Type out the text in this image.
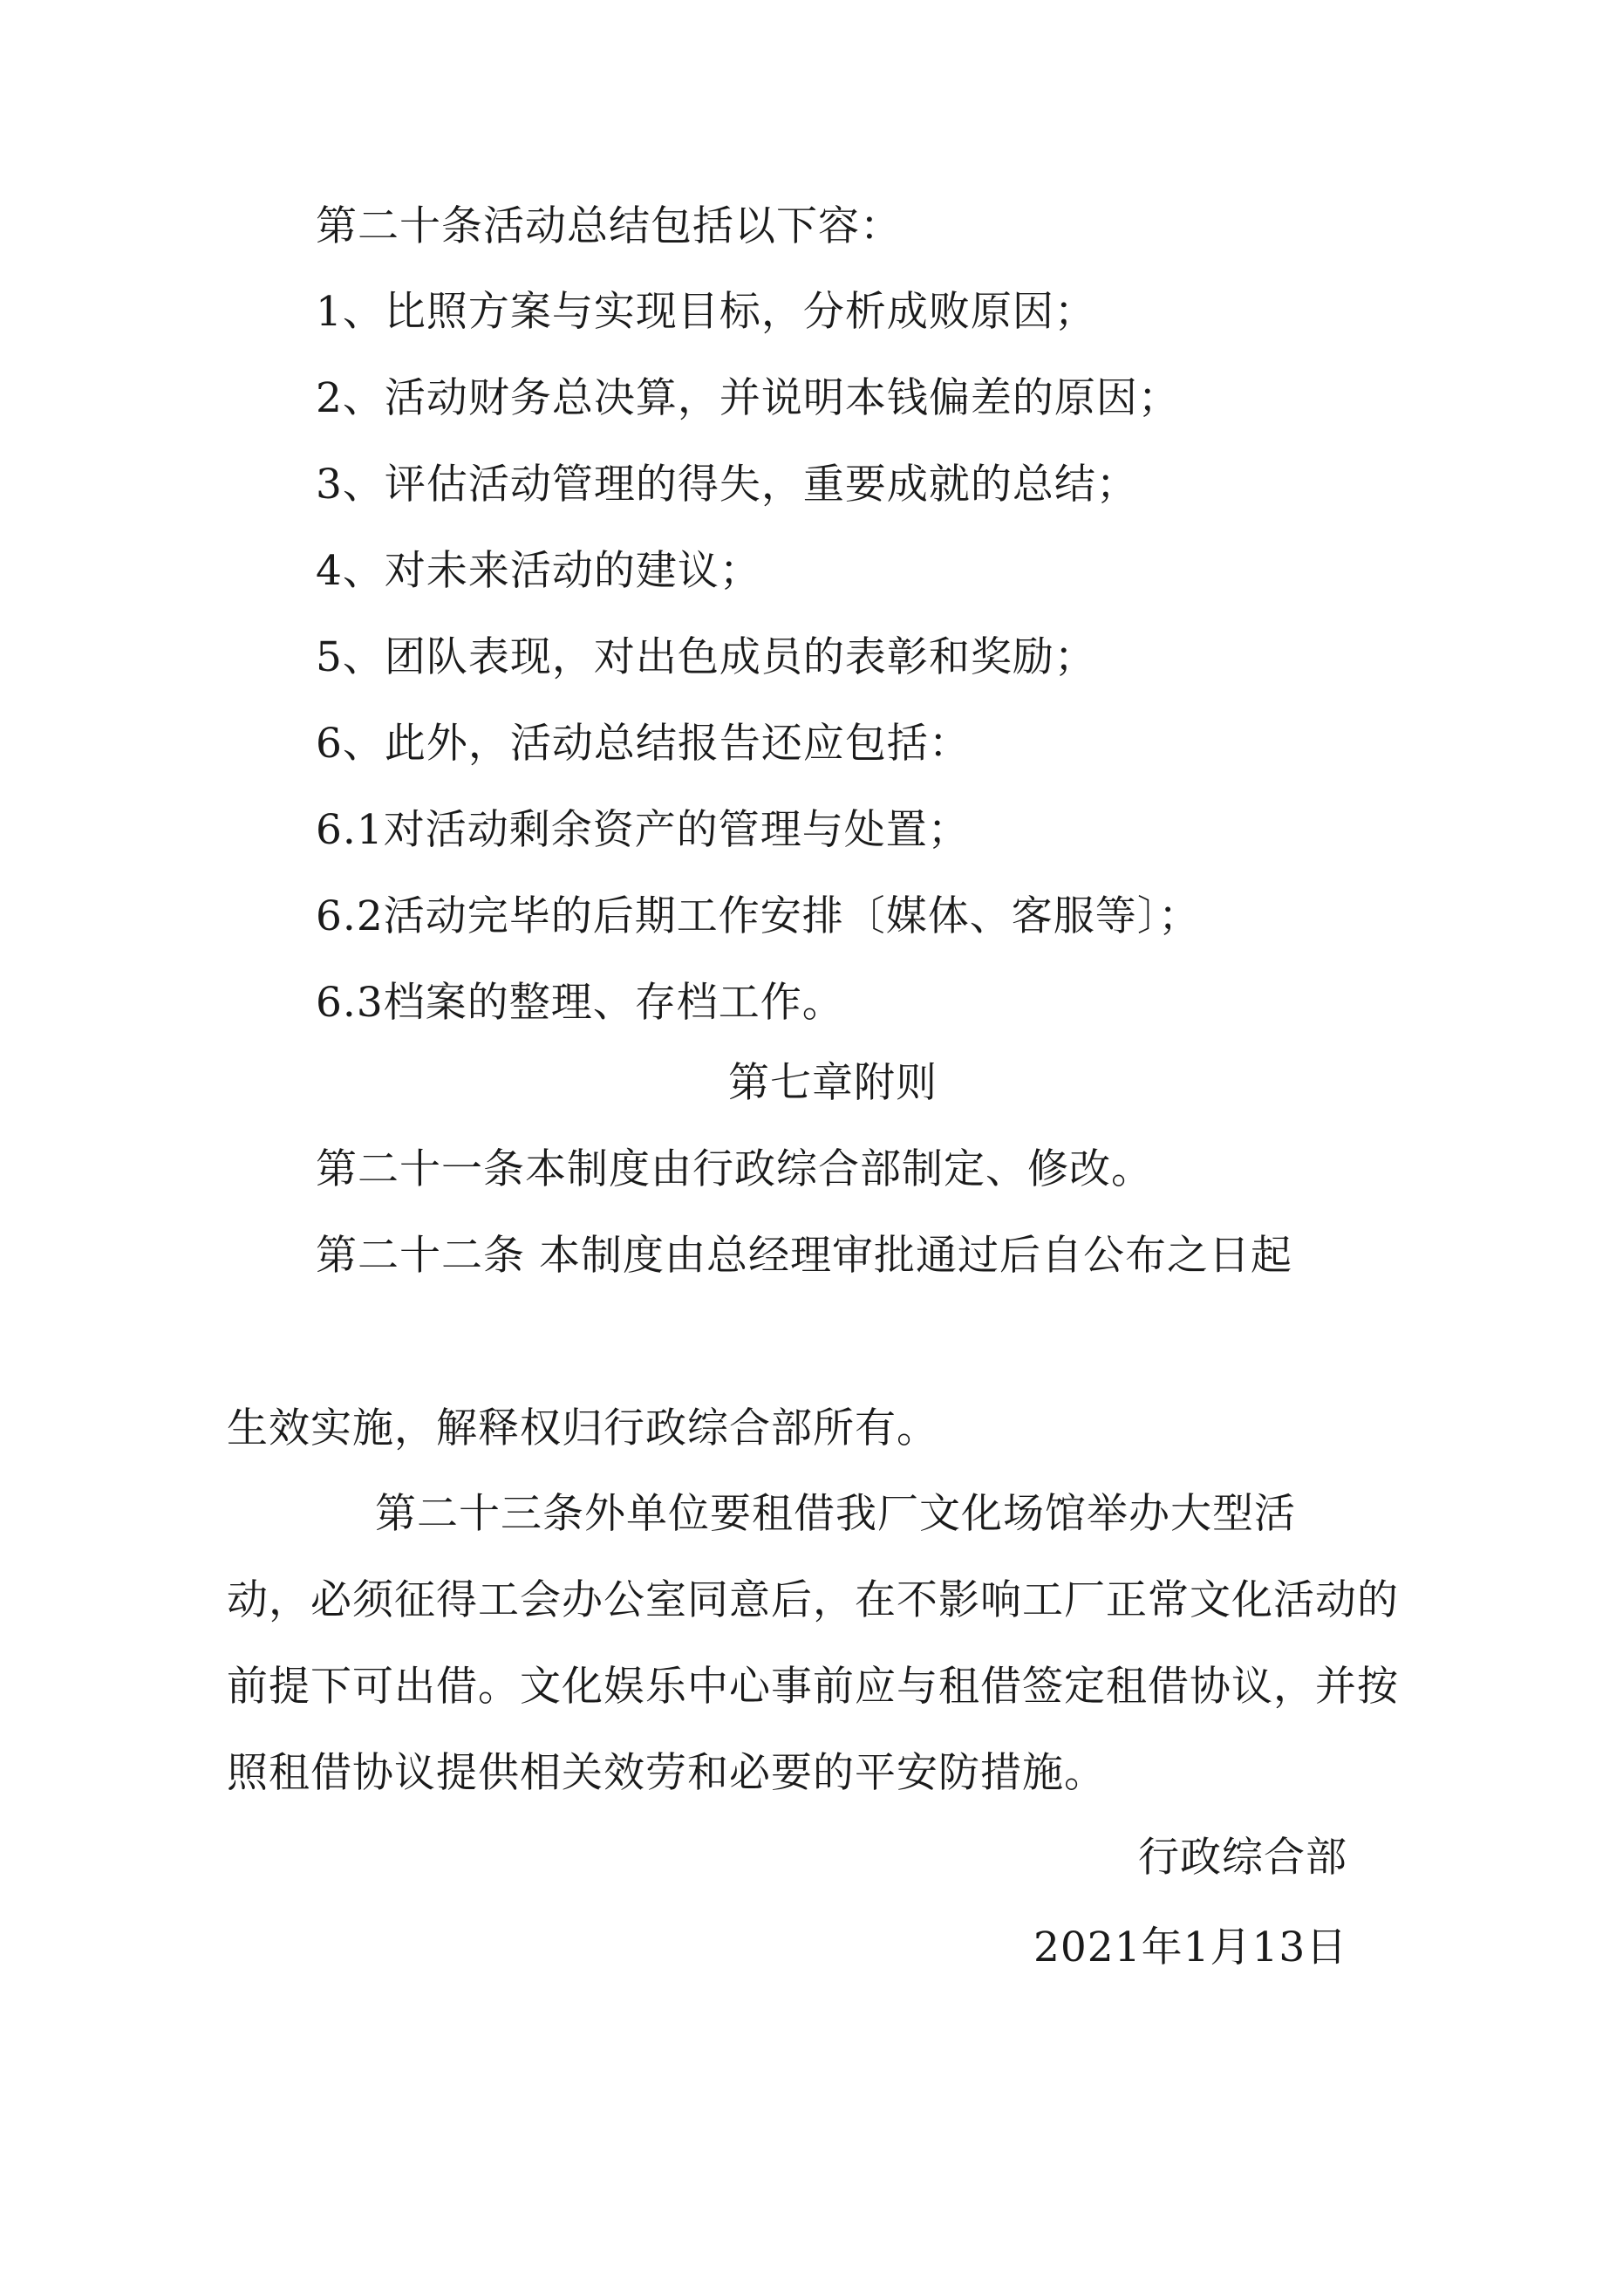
第二十条活动总结包括以下容：
1、比照方案与实现目标，分析成败原因；
2、活动财务总决算，并说明本钱偏差的原因；
3、评估活动管理的得失，重要成就的总结；
4、对未来活动的建议；
5、团队表现，对出色成员的表彰和奖励；
6、此外，活动总结报告还应包括：
6.1对活动剩余资产的管理与处置；
6.2活动完毕的后期工作安排〔媒体、客服等〕；
6.3档案的整理、存档工作。
第七章附则
第二十一条本制度由行政综合部制定、修改。
第二十二条 本制度由总经理审批通过后自公布之日起
生效实施，解释权归行政综合部所有。
第二十三条外单位要租借我厂文化场馆举办大型活
动，必须征得工会办公室同意后，在不影响工厂正常文化活动的
前提下可出借。文化娱乐中心事前应与租借签定租借协议，并按
照租借协议提供相关效劳和必要的平安防措施。
行政综合部
2021年1月13日
